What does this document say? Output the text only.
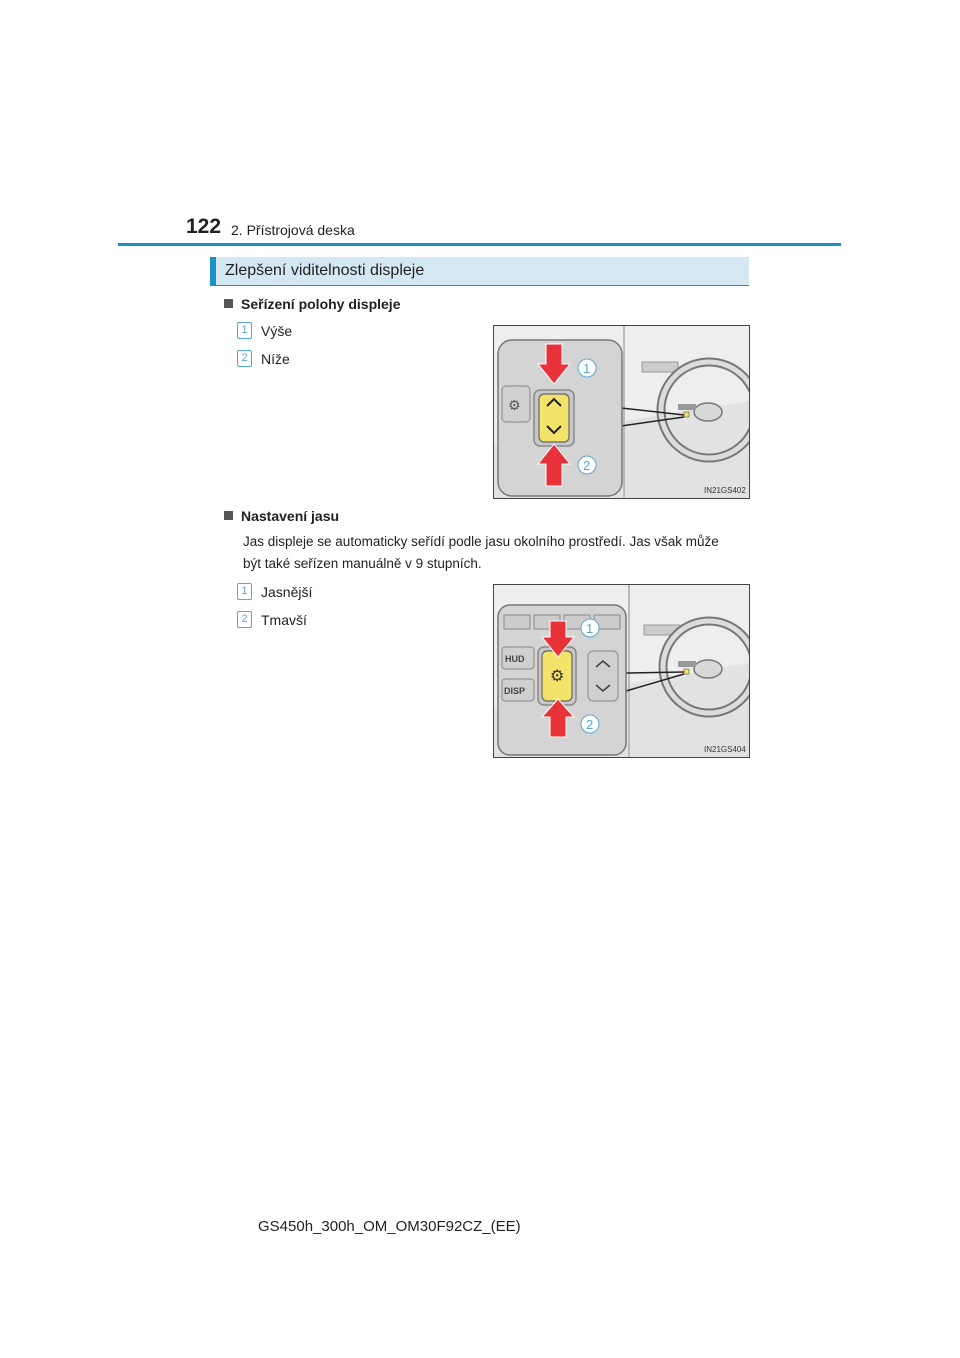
122 2. Přístrojová deska
Zlepšení viditelnosti displeje
Seřízení polohy displeje
1 Výše
2 Níže
⚙
1
2
IN21GS402
Nastavení jasu
Jas displeje se automaticky seřídí podle jasu okolního prostředí. Jas však může
být také seřízen manuálně v 9 stupních.
1 Jasnější
2 Tmavší
HUD
DISP
⚙
1
2
IN21GS404
GS450h_300h_OM_OM30F92CZ_(EE)
